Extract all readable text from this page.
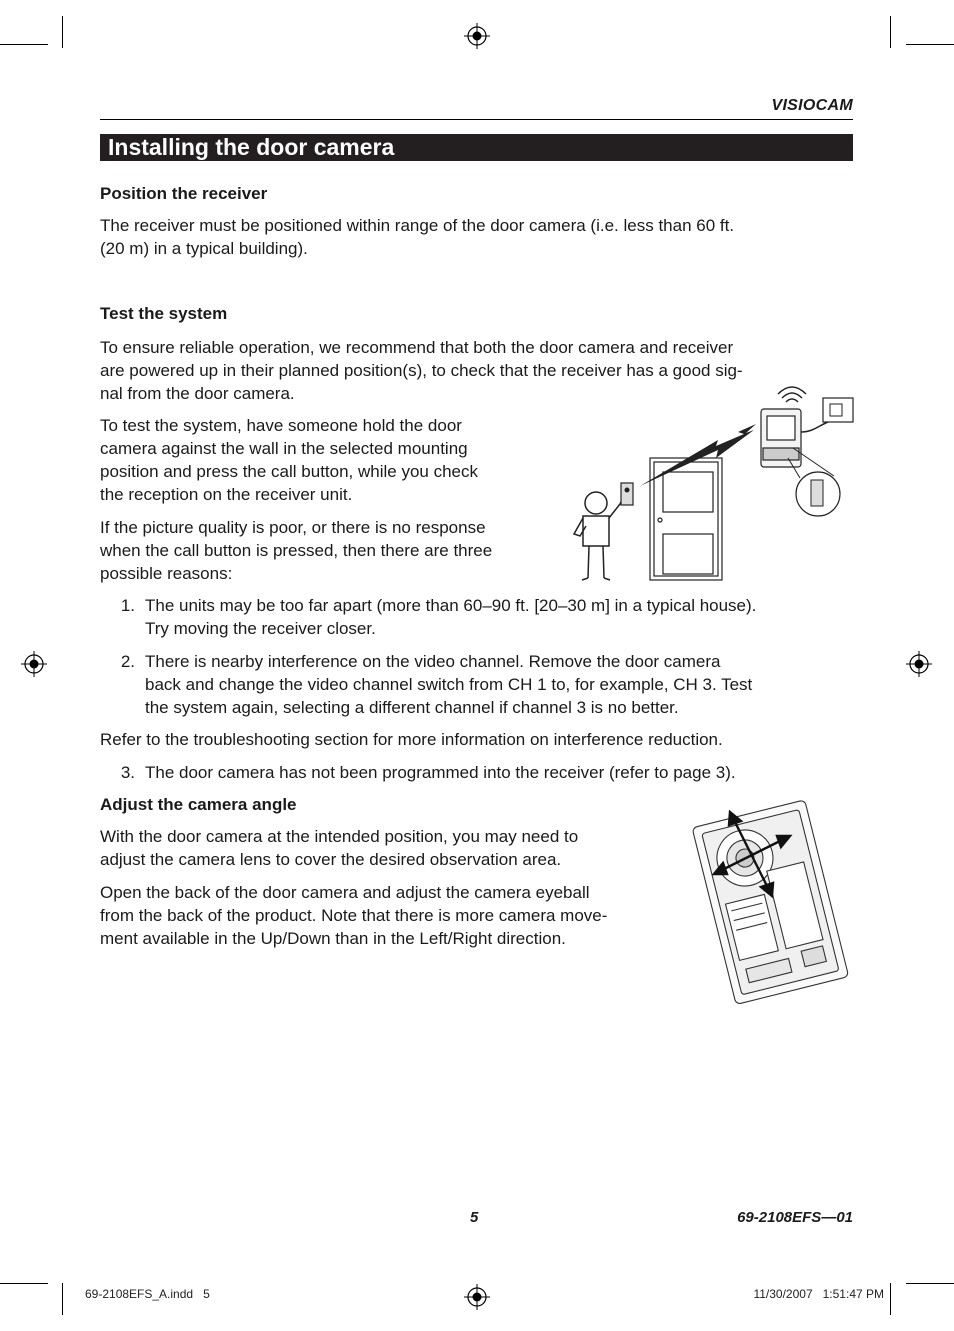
VISIOCAM
Installing the door camera
Position the receiver
The receiver must be positioned within range of the door camera (i.e. less than 60 ft.
(20 m) in a typical building).
Test the system
To ensure reliable operation, we recommend that both the door camera and receiver
are powered up in their planned position(s), to check that the receiver has a good sig-
nal from the door camera.
To test the system, have someone hold the door
camera against the wall in the selected mounting
position and press the call button, while you check
the reception on the receiver unit.
If the picture quality is poor, or there is no response
when the call button is pressed, then there are three
possible reasons:
1. The units may be too far apart (more than 60–90 ft. [20–30 m] in a typical house).
Try moving the receiver closer.
2. There is nearby interference on the video channel. Remove the door camera
back and change the video channel switch from CH 1 to, for example, CH 3. Test
the system again, selecting a different channel if channel 3 is no better.
Refer to the troubleshooting section for more information on interference reduction.
3. The door camera has not been programmed into the receiver (refer to page 3).
Adjust the camera angle
With the door camera at the intended position, you may need to
adjust the camera lens to cover the desired observation area.
Open the back of the door camera and adjust the camera eyeball
from the back of the product. Note that there is more camera move-
ment available in the Up/Down than in the Left/Right direction.
5	69-2108EFS—01
69-2108EFS_A.indd   5	11/30/2007   1:51:47 PM
